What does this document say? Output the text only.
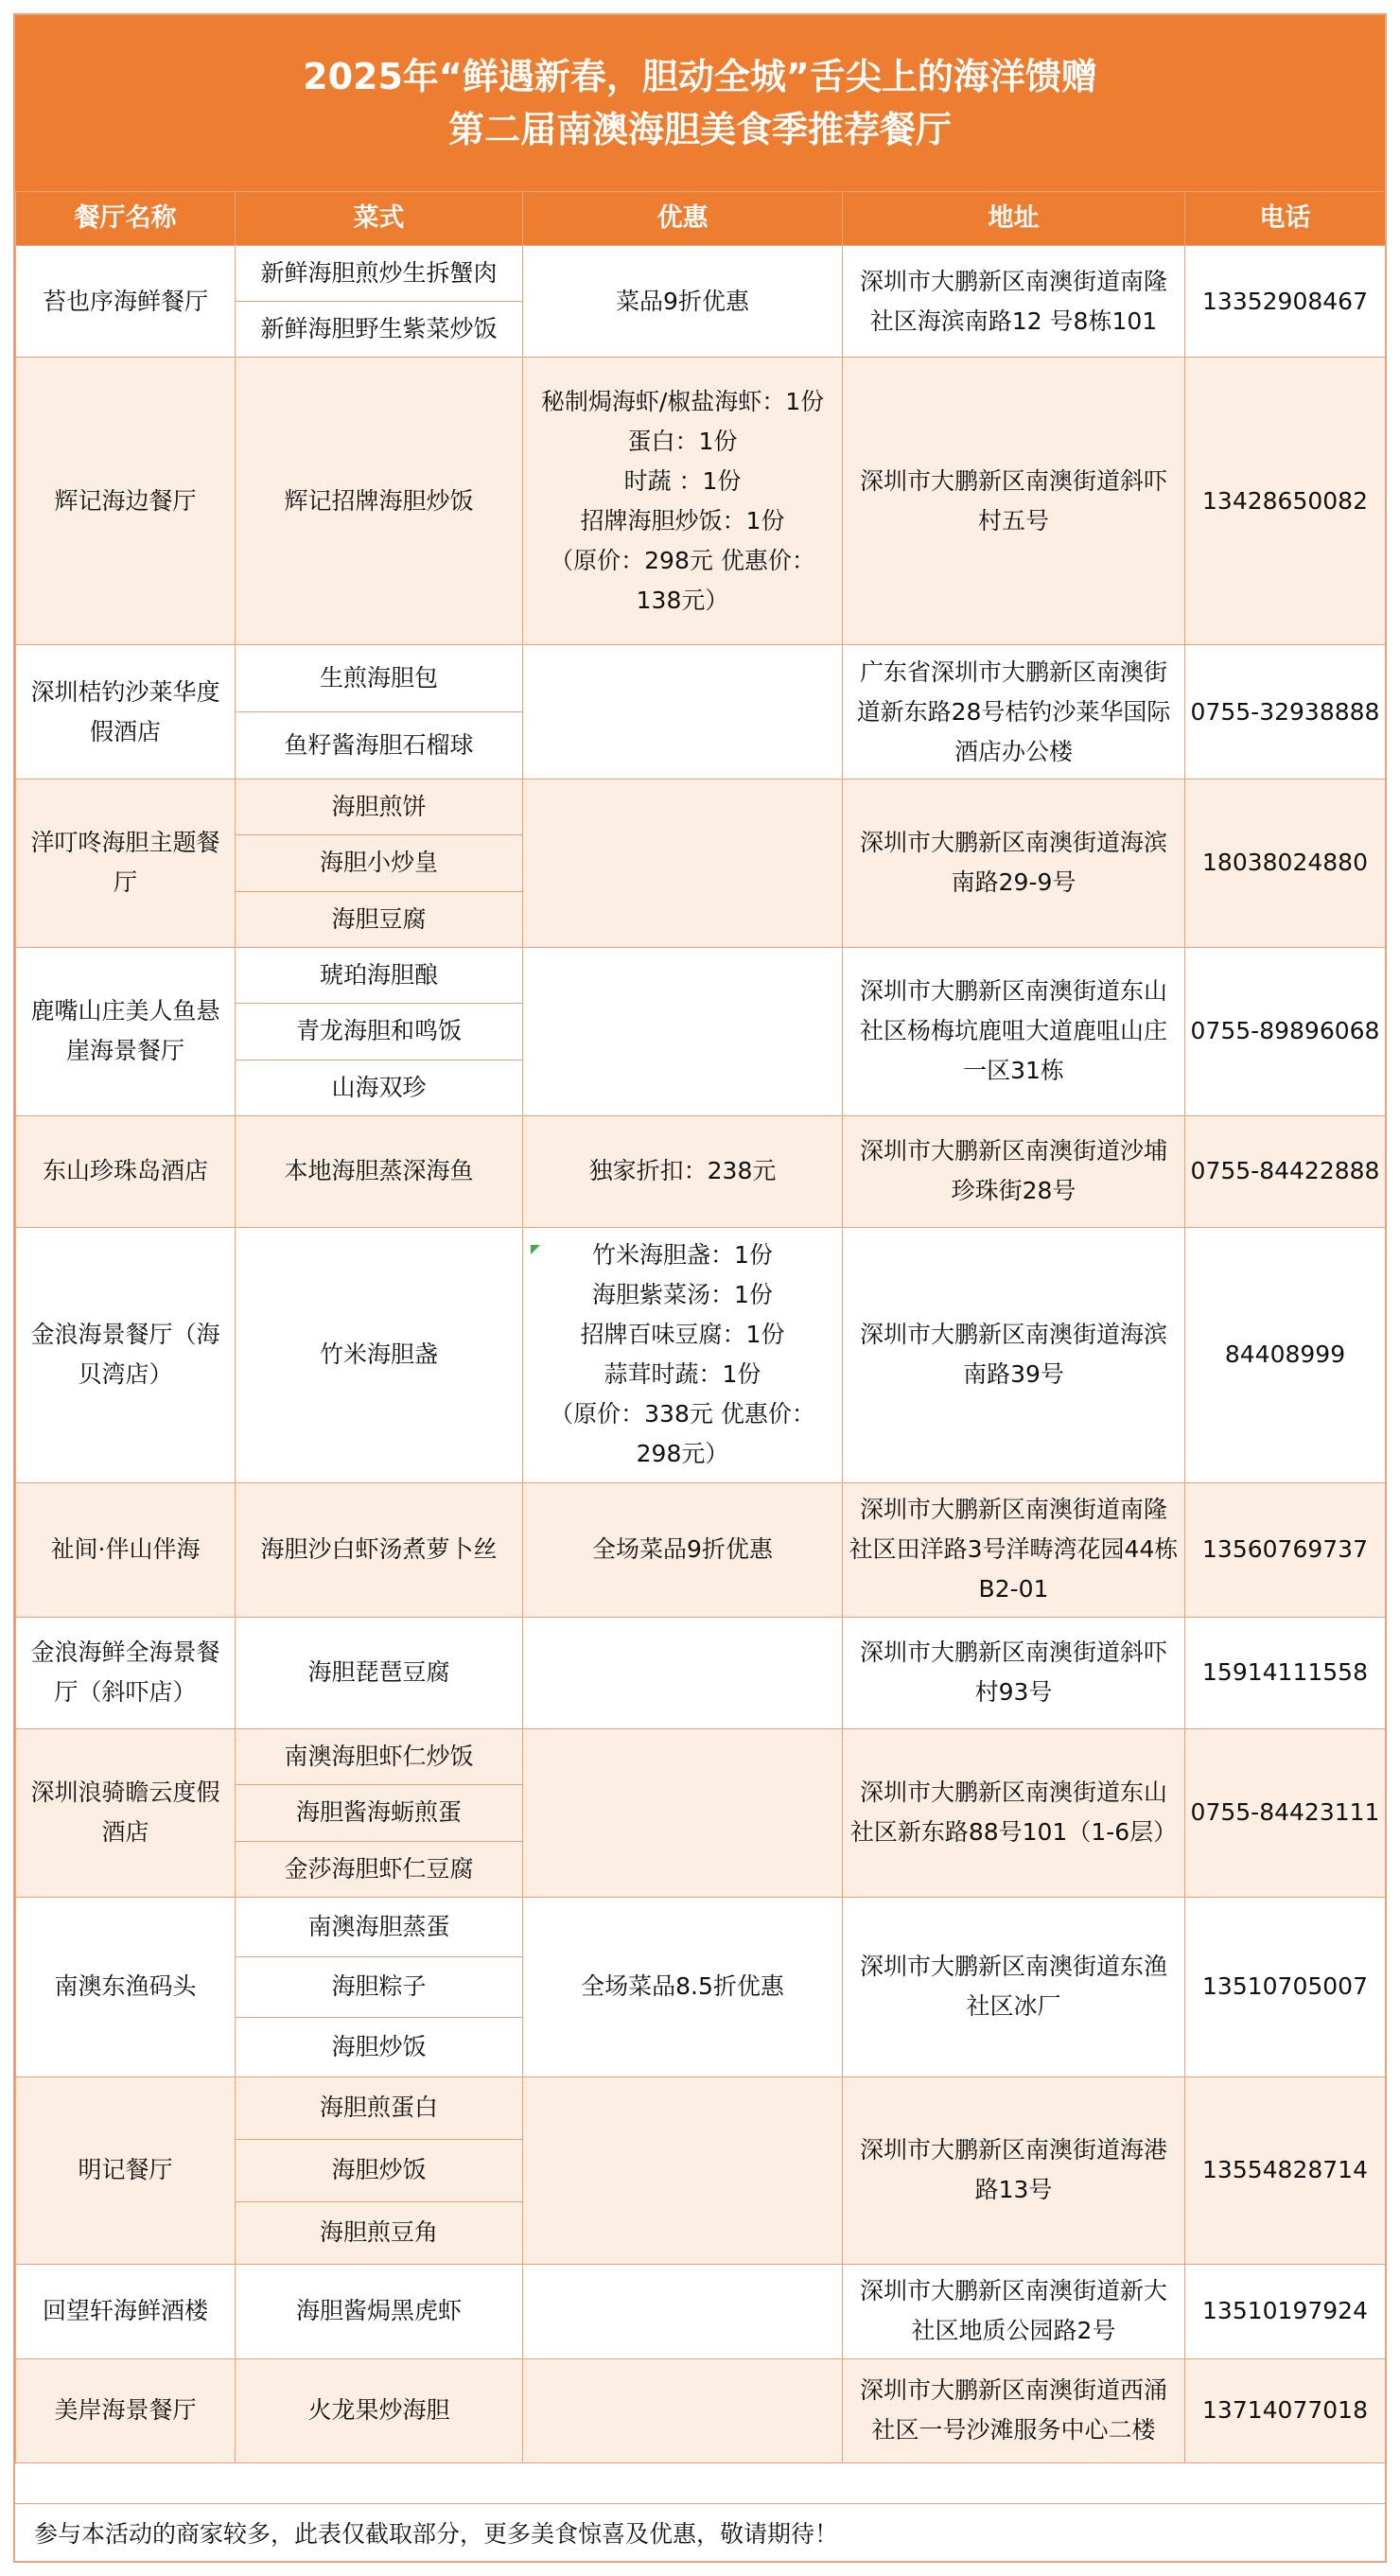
2025年“鲜遇新春，胆动全城”舌尖上的海洋馈赠
第二届南澳海胆美食季推荐餐厅
餐厅名称	菜式	优惠	地址	电话
苔也序海鲜餐厅	新鲜海胆煎炒生拆蟹肉	菜品9折优惠	深圳市大鹏新区南澳街道南隆社区海滨南路12 号8栋101	13352908467
	新鲜海胆野生紫菜炒饭			
辉记海边餐厅	辉记招牌海胆炒饭	秘制焗海虾/椒盐海虾：1份
蛋白：1份
时蔬 ：1份
招牌海胆炒饭：1份
（原价：298元 优惠价：138元）	深圳市大鹏新区南澳街道斜吓村五号	13428650082
深圳桔钓沙莱华度假酒店	生煎海胆包		广东省深圳市大鹏新区南澳街道新东路28号桔钓沙莱华国际酒店办公楼	0755-32938888
	鱼籽酱海胆石榴球			
洋叮咚海胆主题餐厅	海胆煎饼		深圳市大鹏新区南澳街道海滨南路29-9号	18038024880
	海胆小炒皇			
	海胆豆腐			
鹿嘴山庄美人鱼悬崖海景餐厅	琥珀海胆酿		深圳市大鹏新区南澳街道东山社区杨梅坑鹿咀大道鹿咀山庄一区31栋	0755-89896068
	青龙海胆和鸣饭			
	山海双珍			
东山珍珠岛酒店	本地海胆蒸深海鱼	独家折扣：238元	深圳市大鹏新区南澳街道沙埔珍珠街28号	0755-84422888
金浪海景餐厅（海贝湾店）	竹米海胆盏	竹米海胆盏：1份
海胆紫菜汤：1份
招牌百味豆腐：1份
蒜茸时蔬：1份
（原价：338元 优惠价：298元）	深圳市大鹏新区南澳街道海滨南路39号	84408999
祉间·伴山伴海	海胆沙白虾汤煮萝卜丝	全场菜品9折优惠	深圳市大鹏新区南澳街道南隆社区田洋路3号洋畴湾花园44栋B2-01	13560769737
金浪海鲜全海景餐厅（斜吓店）	海胆琵琶豆腐		深圳市大鹏新区南澳街道斜吓村93号	15914111558
深圳浪骑瞻云度假酒店	南澳海胆虾仁炒饭		深圳市大鹏新区南澳街道东山社区新东路88号101（1-6层）	0755-84423111
	海胆酱海蛎煎蛋			
	金莎海胆虾仁豆腐			
南澳东渔码头	南澳海胆蒸蛋	全场菜品8.5折优惠	深圳市大鹏新区南澳街道东渔社区冰厂	13510705007
	海胆粽子			
	海胆炒饭			
明记餐厅	海胆煎蛋白		深圳市大鹏新区南澳街道海港路13号	13554828714
	海胆炒饭			
	海胆煎豆角			
回望轩海鲜酒楼	海胆酱焗黑虎虾		深圳市大鹏新区南澳街道新大社区地质公园路2号	13510197924
美岸海景餐厅	火龙果炒海胆		深圳市大鹏新区南澳街道西涌社区一号沙滩服务中心二楼	13714077018
参与本活动的商家较多，此表仅截取部分，更多美食惊喜及优惠，敬请期待！
